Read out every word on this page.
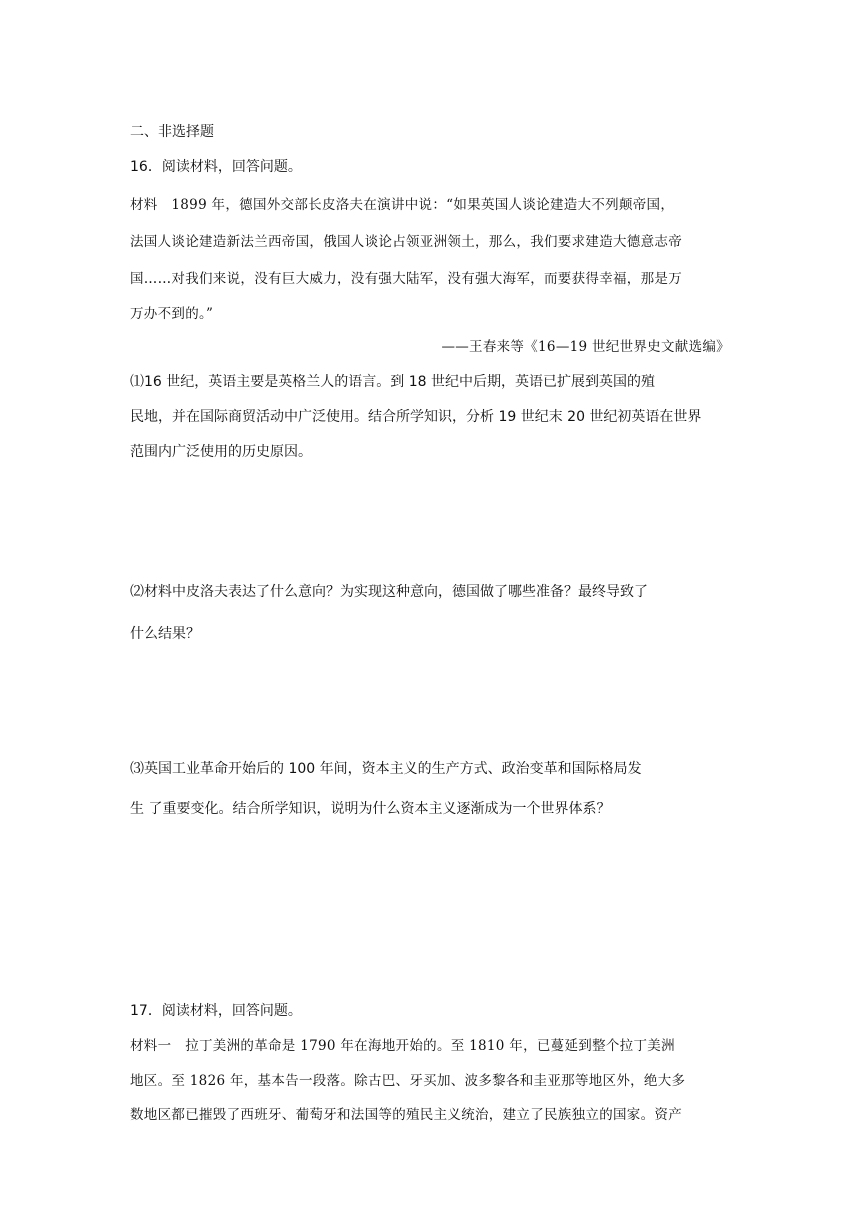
二、非选择题
16．阅读材料，回答问题。
材料　1899 年，德国外交部长皮洛夫在演讲中说：“如果英国人谈论建造大不列颠帝国，
法国人谈论建造新法兰西帝国，俄国人谈论占领亚洲领土，那么，我们要求建造大德意志帝
国……对我们来说，没有巨大威力，没有强大陆军，没有强大海军，而要获得幸福，那是万
万办不到的。”
——王春来等《16—19 世纪世界史文献选编》
⑴16 世纪，英语主要是英格兰人的语言。到 18 世纪中后期，英语已扩展到英国的殖
民地，并在国际商贸活动中广泛使用。结合所学知识，分析 19 世纪末 20 世纪初英语在世界
范围内广泛使用的历史原因。
⑵材料中皮洛夫表达了什么意向？为实现这种意向，德国做了哪些准备？最终导致了
什么结果？
⑶英国工业革命开始后的 100 年间，资本主义的生产方式、政治变革和国际格局发
生 了重要变化。结合所学知识，说明为什么资本主义逐渐成为一个世界体系？
17．阅读材料，回答问题。
材料一　拉丁美洲的革命是 1790 年在海地开始的。至 1810 年，已蔓延到整个拉丁美洲
地区。至 1826 年，基本告一段落。除古巴、牙买加、波多黎各和圭亚那等地区外，绝大多
数地区都已摧毁了西班牙、葡萄牙和法国等的殖民主义统治，建立了民族独立的国家。资产
